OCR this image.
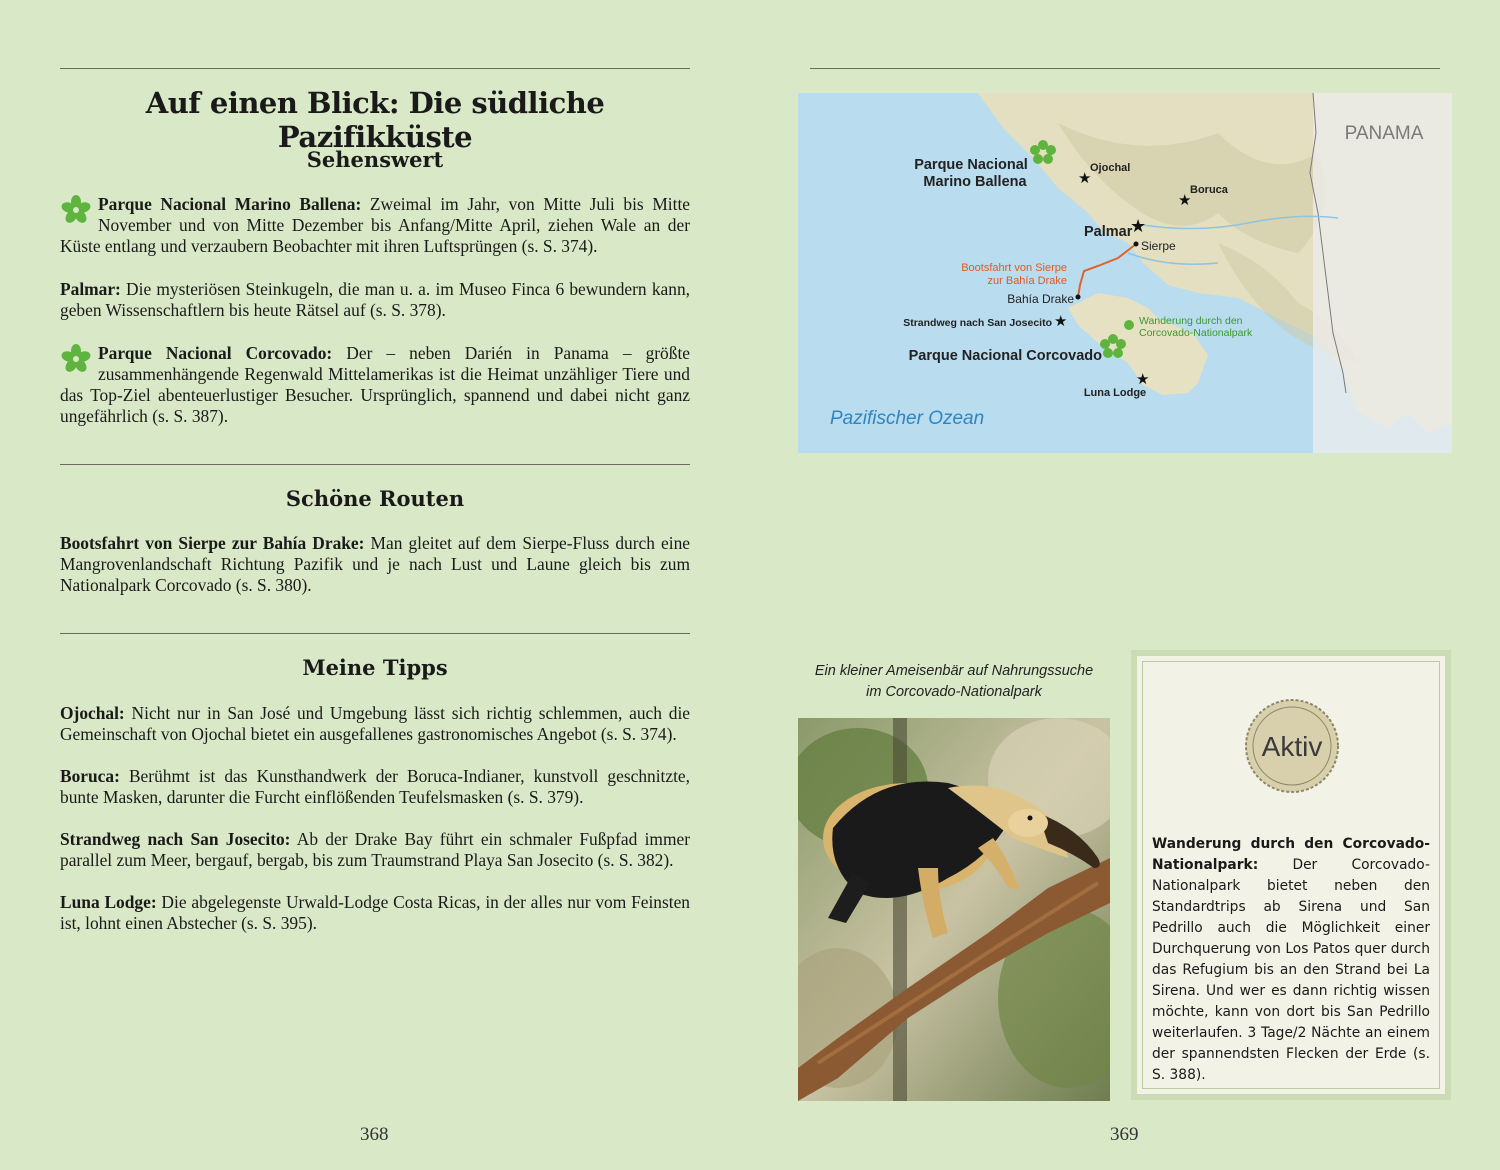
Auf einen Blick: Die südliche Pazifikküste
Sehenswert

Parque Nacional Marino Ballena: Zweimal im Jahr, von Mitte Juli bis Mitte November und von Mitte Dezember bis Anfang/Mitte April, ziehen Wale an der Küste entlang und verzaubern Beobachter mit ihren Luftsprüngen (s. S. 374).

Palmar: Die mysteriösen Steinkugeln, die man u. a. im Museo Finca 6 bewundern kann, geben Wissenschaftlern bis heute Rätsel auf (s. S. 378).

Parque Nacional Corcovado: Der – neben Darién in Panama – größte zusammenhängende Regenwald Mittelamerikas ist die Heimat unzähliger Tiere und das Top-Ziel abenteuerlustiger Besucher. Ursprünglich, spannend und dabei nicht ganz ungefährlich (s. S. 387).

Schöne Routen

Bootsfahrt von Sierpe zur Bahía Drake: Man gleitet auf dem Sierpe-Fluss durch eine Mangrovenlandschaft Richtung Pazifik und je nach Lust und Laune gleich bis zum Nationalpark Corcovado (s. S. 380).

Meine Tipps

Ojochal: Nicht nur in San José und Umgebung lässt sich richtig schlemmen, auch die Gemeinschaft von Ojochal bietet ein ausgefallenes gastronomisches Angebot (s. S. 374).

Boruca: Berühmt ist das Kunsthandwerk der Boruca-Indianer, kunstvoll geschnitzte, bunte Masken, darunter die Furcht einflößenden Teufelsmasken (s. S. 379).

Strandweg nach San Josecito: Ab der Drake Bay führt ein schmaler Fußpfad immer parallel zum Meer, bergauf, bergab, bis zum Traumstrand Playa San Josecito (s. S. 382).

Luna Lodge: Die abgelegenste Urwald-Lodge Costa Ricas, in der alles nur vom Feinsten ist, lohnt einen Abstecher (s. S. 395).

368
★
★
★
★
★
PANAMA
Parque Nacional
Marino Ballena
Ojochal
Boruca
Palmar
Sierpe
Bootsfahrt von Sierpe
zur Bahía Drake
Bahía Drake
Strandweg nach San Josecito	Wanderung durch den
Corcovado-Nationalpark
Parque Nacional Corcovado
Luna Lodge
Pazifischer Ozean
Ein kleiner Ameisenbär auf Nahrungssuche
im Corcovado-Nationalpark
Aktiv

Wanderung durch den Corcovado-Nationalpark: Der Corcovado-Nationalpark bietet neben den Standardtrips ab Sirena und San Pedrillo auch die Möglichkeit einer Durchquerung von Los Patos quer durch das Refugium bis an den Strand bei La Sirena. Und wer es dann richtig wissen möchte, kann von dort bis San Pedrillo weiterlaufen. 3 Tage/2 Nächte an einem der spannendsten Flecken der Erde (s. S. 388).

369
